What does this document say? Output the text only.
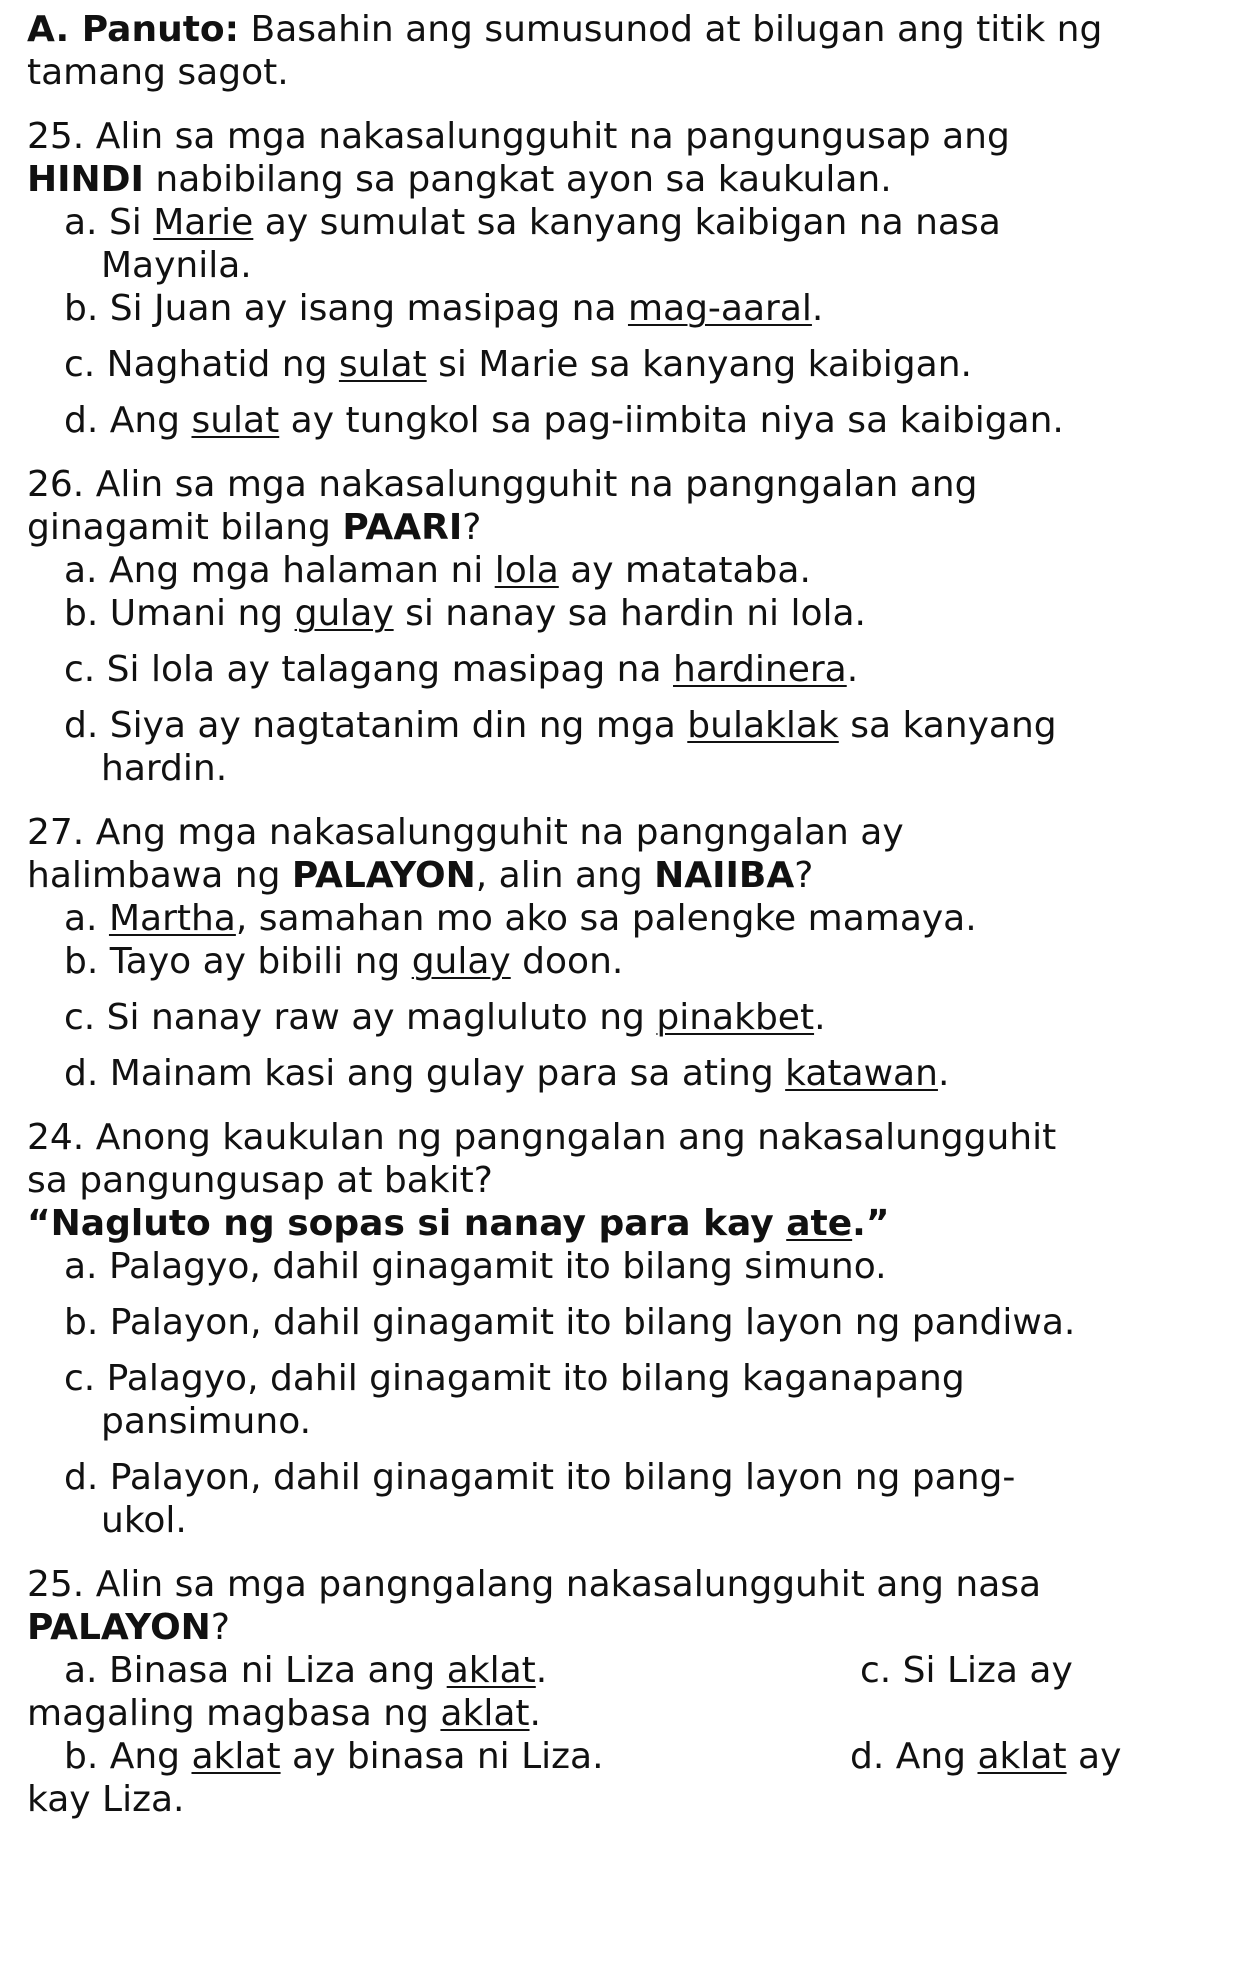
A. Panuto: Basahin ang sumusunod at bilugan ang titik ng
tamang sagot.
25. Alin sa mga nakasalungguhit na pangungusap ang
HINDI nabibilang sa pangkat ayon sa kaukulan.
a. Si Marie ay sumulat sa kanyang kaibigan na nasa
Maynila.
b. Si Juan ay isang masipag na mag-aaral.
c. Naghatid ng sulat si Marie sa kanyang kaibigan.
d. Ang sulat ay tungkol sa pag-iimbita niya sa kaibigan.
26. Alin sa mga nakasalungguhit na pangngalan ang
ginagamit bilang PAARI?
a. Ang mga halaman ni lola ay matataba.
b. Umani ng gulay si nanay sa hardin ni lola.
c. Si lola ay talagang masipag na hardinera.
d. Siya ay nagtatanim din ng mga bulaklak sa kanyang
hardin.
27. Ang mga nakasalungguhit na pangngalan ay
halimbawa ng PALAYON, alin ang NAIIBA?
a. Martha, samahan mo ako sa palengke mamaya.
b. Tayo ay bibili ng gulay doon.
c. Si nanay raw ay magluluto ng pinakbet.
d. Mainam kasi ang gulay para sa ating katawan.
24. Anong kaukulan ng pangngalan ang nakasalungguhit
sa pangungusap at bakit?
“Nagluto ng sopas si nanay para kay ate.”
a. Palagyo, dahil ginagamit ito bilang simuno.
b. Palayon, dahil ginagamit ito bilang layon ng pandiwa.
c. Palagyo, dahil ginagamit ito bilang kaganapang
pansimuno.
d. Palayon, dahil ginagamit ito bilang layon ng pang-
ukol.
25. Alin sa mga pangngalang nakasalungguhit ang nasa
PALAYON?
a. Binasa ni Liza ang aklat.	c. Si Liza ay
magaling magbasa ng aklat.
b. Ang aklat ay binasa ni Liza.	d. Ang aklat ay
kay Liza.
